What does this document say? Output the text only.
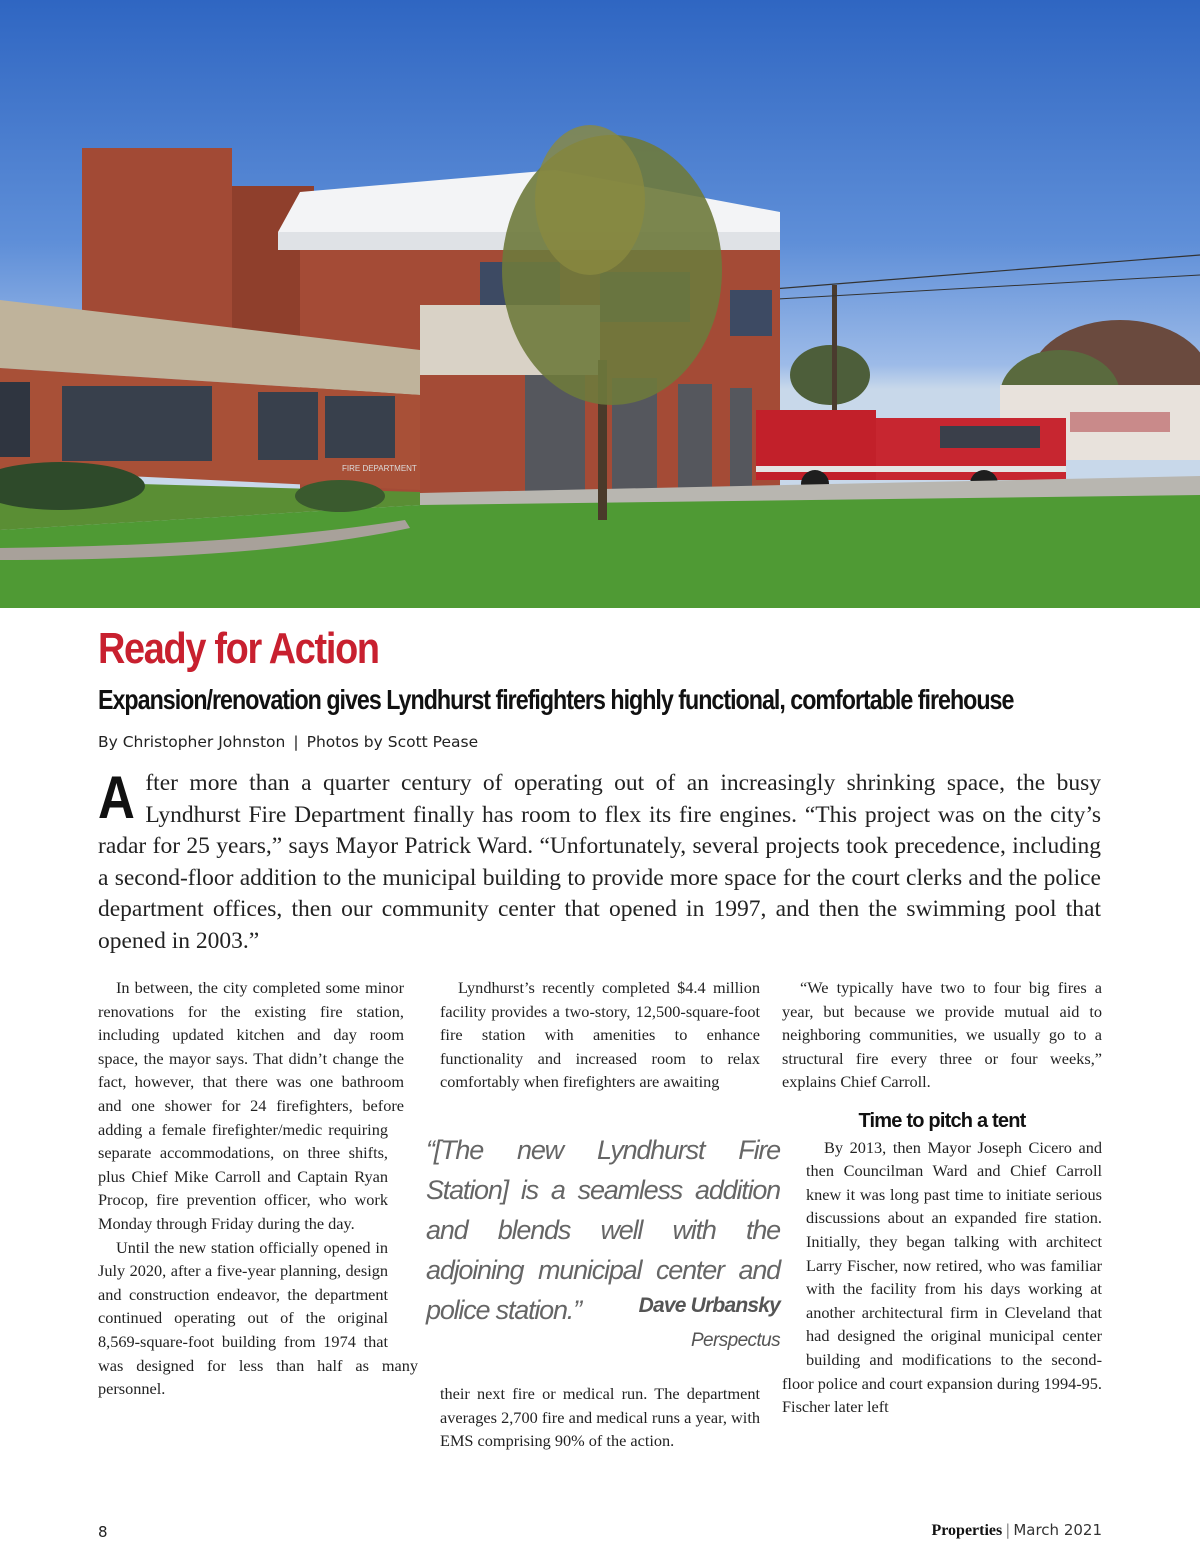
FIRE DEPARTMENT
Ready for Action
Expansion/renovation gives Lyndhurst firefighters highly functional, comfortable firehouse
By Christopher Johnston | Photos by Scott Pease

After more than a quarter century of operating out of an increasingly shrinking space, the busy Lyndhurst Fire Department finally has room to flex its fire engines. “This project was on the city’s radar for 25 years,” says Mayor Patrick Ward. “Unfortunately, several projects took precedence, including a second-floor addition to the municipal building to provide more space for the court clerks and the police department offices, then our community center that opened in 1997, and then the swimming pool that opened in 2003.”

In between, the city completed some minor renovations for the existing fire station, including updated kitchen and day room space, the mayor says. That didn’t change the fact, however, that there was one bathroom and one shower for 24 firefighters, before adding a female firefighter/medic requiring separate accommodations, on three shifts, plus Chief Mike Carroll and Captain Ryan Procop, fire prevention officer, who work Monday through Friday during the day.

Until the new station officially opened in July 2020, after a five-year planning, design and construction endeavor, the department continued operating out of the original 8,569-square-foot building from 1974 that was designed for less than half as many personnel.

Lyndhurst’s recently completed $4.4 million facility provides a two-story, 12,500-square-foot fire station with amenities to enhance functionality and increased room to relax comfortably when firefighters are awaiting

“[The new Lyndhurst Fire Station] is a seamless addition and blends well with the adjoining municipal center and police station.”	Dave Urbansky
Perspectus

their next fire or medical run. The department averages 2,700 fire and medical runs a year, with EMS comprising 90% of the action.

“We typically have two to four big fires a year, but because we provide mutual aid to neighboring communities, we usually go to a structural fire every three or four weeks,” explains Chief Carroll.

Time to pitch a tent

By 2013, then Mayor Joseph Cicero and then Councilman Ward and Chief Carroll knew it was long past time to initiate serious discussions about an expanded fire station. Initially, they began talking with architect Larry Fischer, now retired, who was familiar with the facility from his days working at another architectural firm in Cleveland that had designed the original municipal center building and modifications to the second-floor police and court expansion during 1994-95. Fischer later left

8	Properties | March 2021
